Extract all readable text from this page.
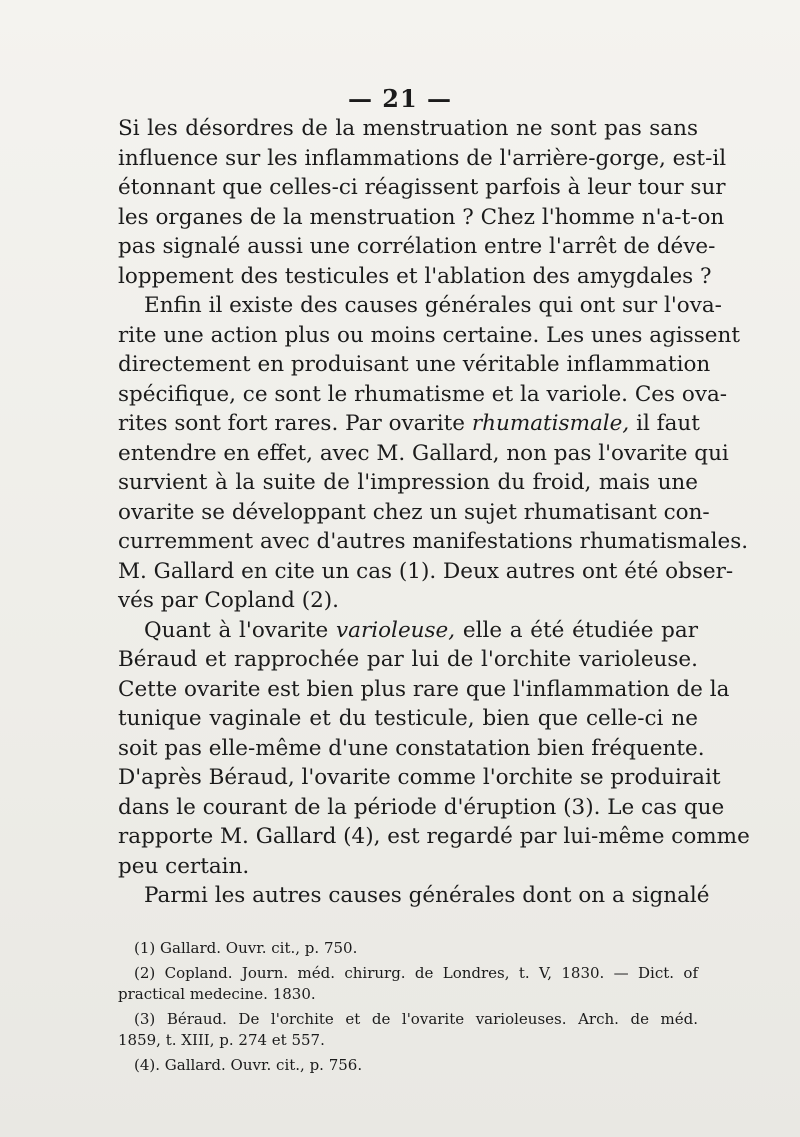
— 21 —
Si les désordres de la menstruation ne sont pas sans
influence sur les inflammations de l'arrière-gorge, est-il
étonnant que celles-ci réagissent parfois à leur tour sur
les organes de la menstruation ? Chez l'homme n'a-t-on
pas signalé aussi une corrélation entre l'arrêt de déve-
loppement des testicules et l'ablation des amygdales ?
Enfin il existe des causes générales qui ont sur l'ova-
rite une action plus ou moins certaine. Les unes agissent
directement en produisant une véritable inflammation
spécifique, ce sont le rhumatisme et la variole. Ces ova-
rites sont fort rares. Par ovarite rhumatismale, il faut
entendre en effet, avec M. Gallard, non pas l'ovarite qui
survient à la suite de l'impression du froid, mais une
ovarite se développant chez un sujet rhumatisant con-
curremment avec d'autres manifestations rhumatismales.
M. Gallard en cite un cas (1). Deux autres ont été obser-
vés par Copland (2).
Quant à l'ovarite varioleuse, elle a été étudiée par
Béraud et rapprochée par lui de l'orchite varioleuse.
Cette ovarite est bien plus rare que l'inflammation de la
tunique vaginale et du testicule, bien que celle-ci ne
soit pas elle-même d'une constatation bien fréquente.
D'après Béraud, l'ovarite comme l'orchite se produirait
dans le courant de la période d'éruption (3). Le cas que
rapporte M. Gallard (4), est regardé par lui-même comme
peu certain.
Parmi les autres causes générales dont on a signalé
(1) Gallard. Ouvr. cit., p. 750.
(2) Copland. Journ. méd. chirurg. de Londres, t. V, 1830. — Dict. of
practical medecine. 1830.
(3) Béraud. De l'orchite et de l'ovarite varioleuses. Arch. de méd.
1859, t. XIII, p. 274 et 557.
(4). Gallard. Ouvr. cit., p. 756.
